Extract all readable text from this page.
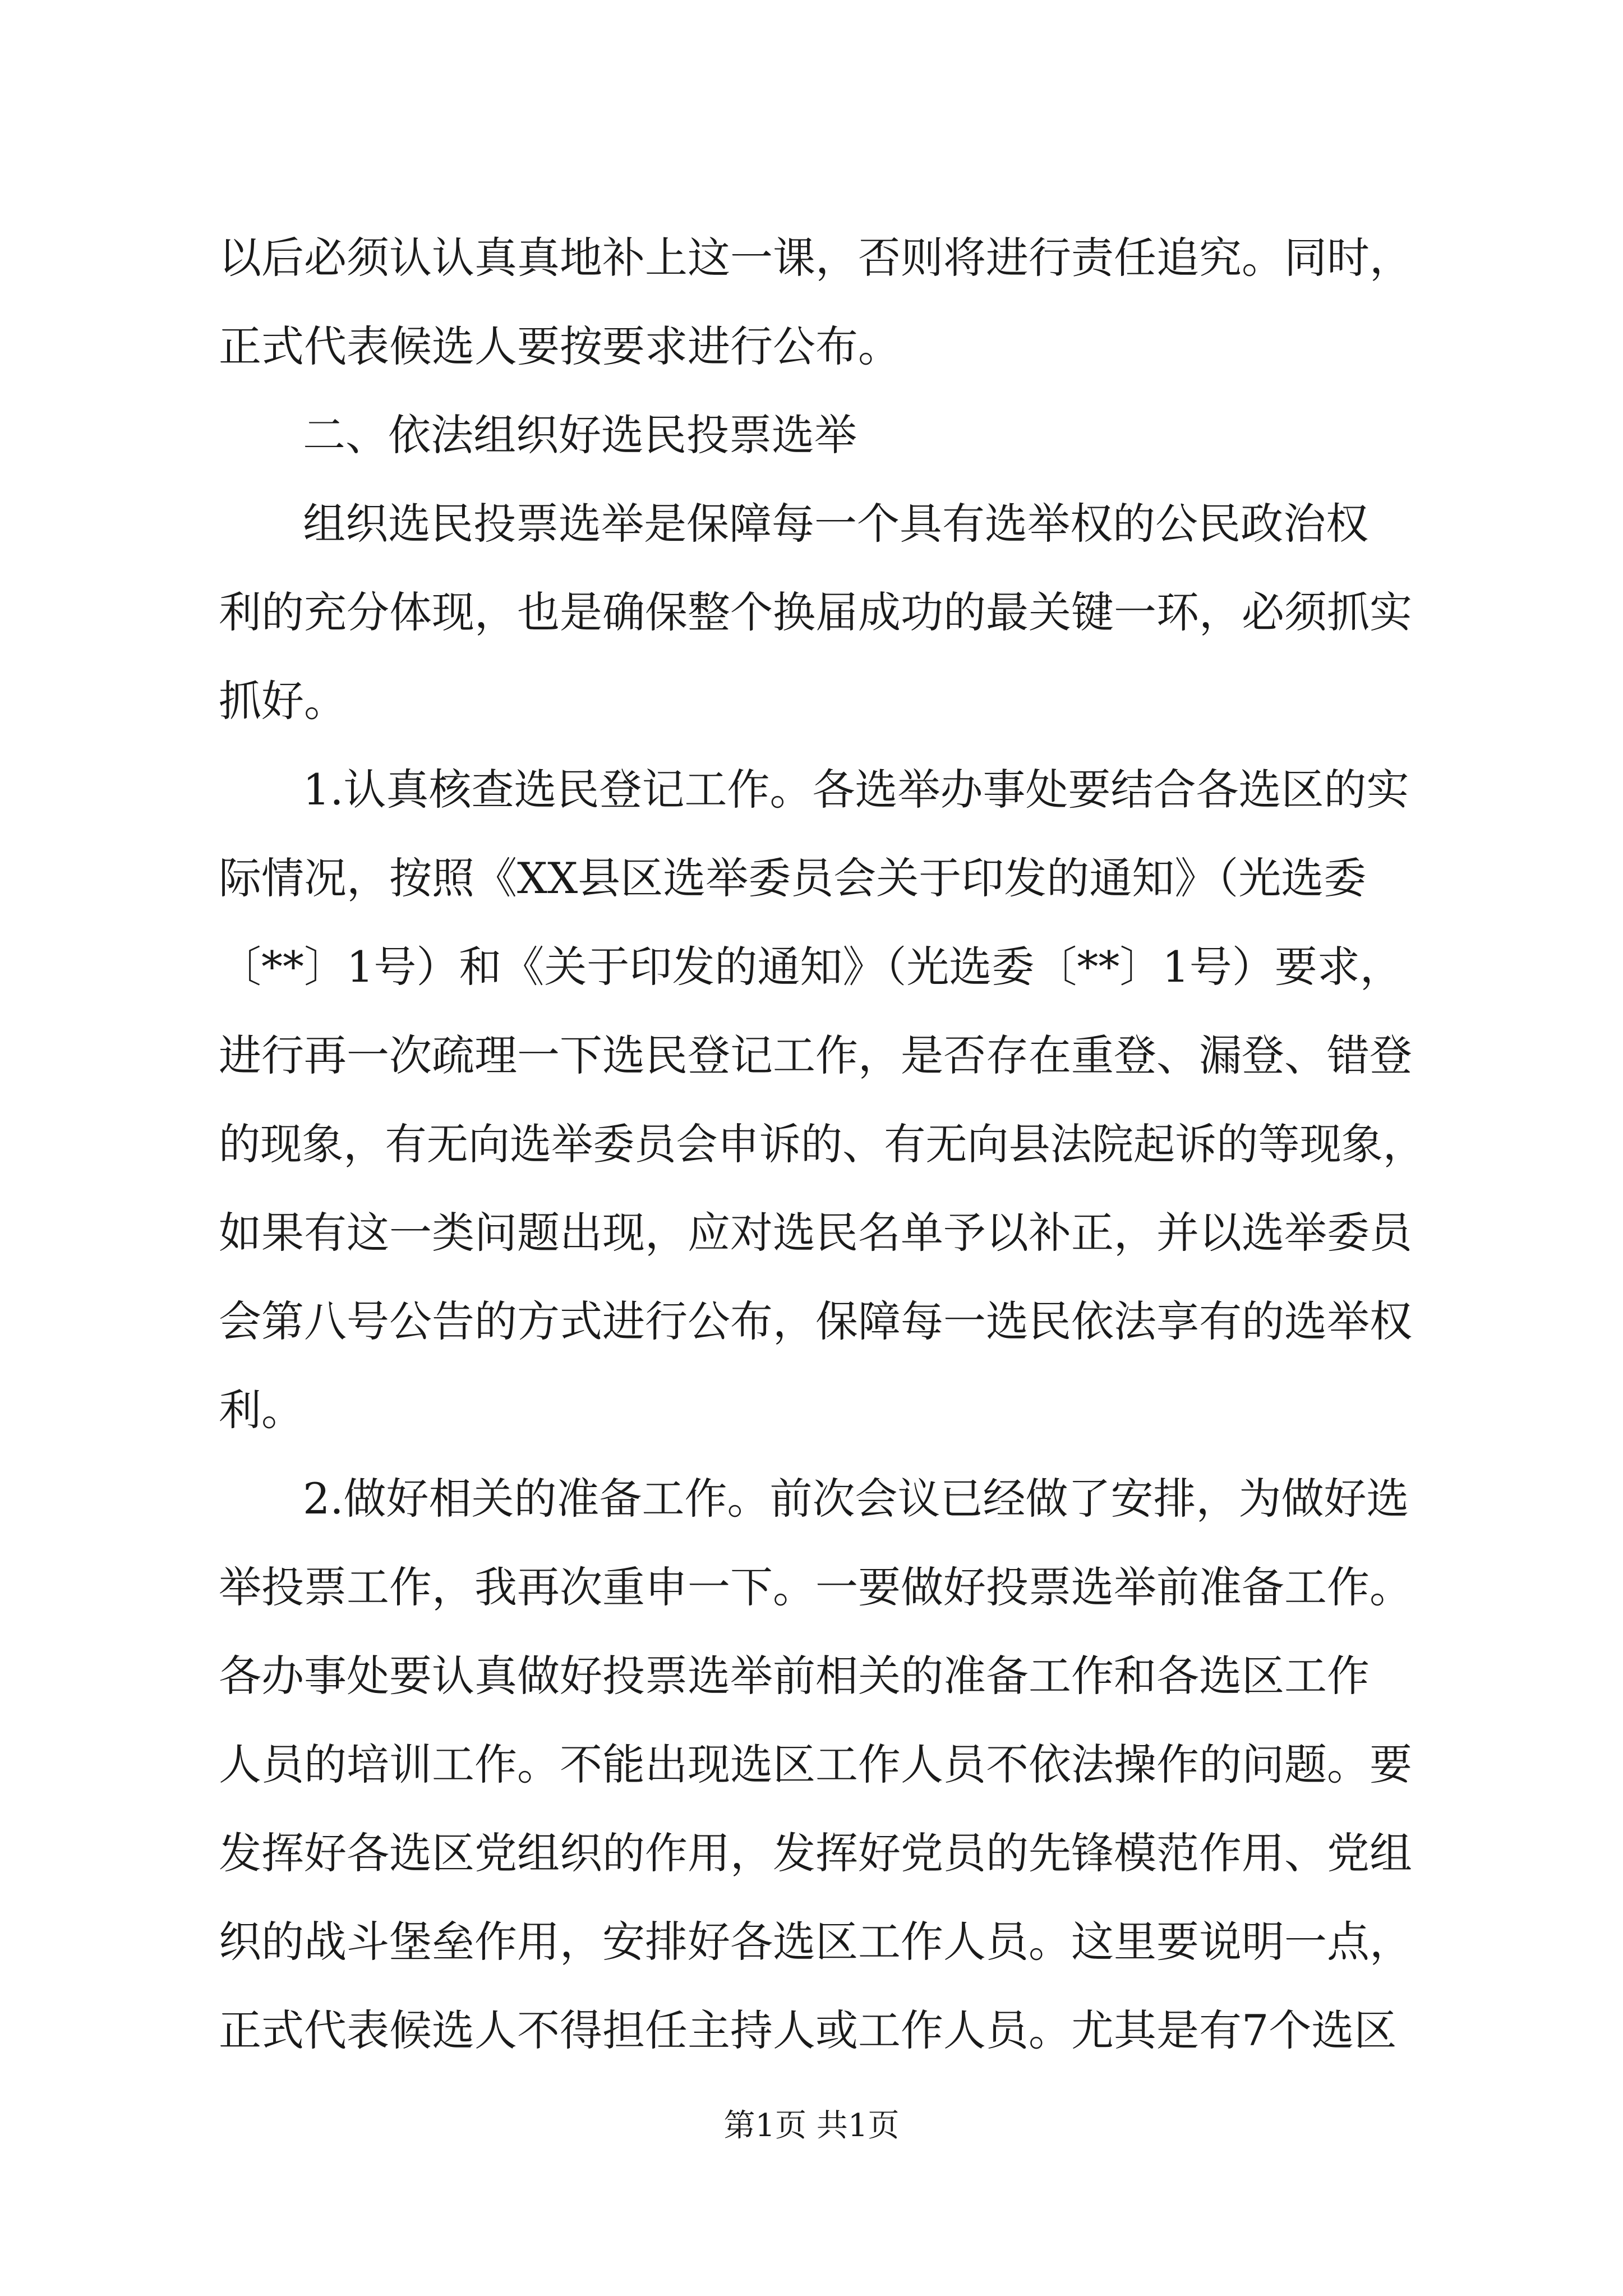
以后必须认认真真地补上这一课，否则将进行责任追究。同时，
正式代表候选人要按要求进行公布。
二、依法组织好选民投票选举
组织选民投票选举是保障每一个具有选举权的公民政治权
利的充分体现，也是确保整个换届成功的最关键一环，必须抓实
抓好。
1.认真核查选民登记工作。各选举办事处要结合各选区的实
际情况，按照《XX县区选举委员会关于印发的通知》（光选委
〔**〕1号）和《关于印发的通知》（光选委〔**〕1号）要求，
进行再一次疏理一下选民登记工作，是否存在重登、漏登、错登
的现象，有无向选举委员会申诉的、有无向县法院起诉的等现象，
如果有这一类问题出现，应对选民名单予以补正，并以选举委员
会第八号公告的方式进行公布，保障每一选民依法享有的选举权
利。
2.做好相关的准备工作。前次会议已经做了安排，为做好选
举投票工作，我再次重申一下。一要做好投票选举前准备工作。
各办事处要认真做好投票选举前相关的准备工作和各选区工作
人员的培训工作。不能出现选区工作人员不依法操作的问题。要
发挥好各选区党组织的作用，发挥好党员的先锋模范作用、党组
织的战斗堡垒作用，安排好各选区工作人员。这里要说明一点，
正式代表候选人不得担任主持人或工作人员。尤其是有7个选区
第1页 共1页
